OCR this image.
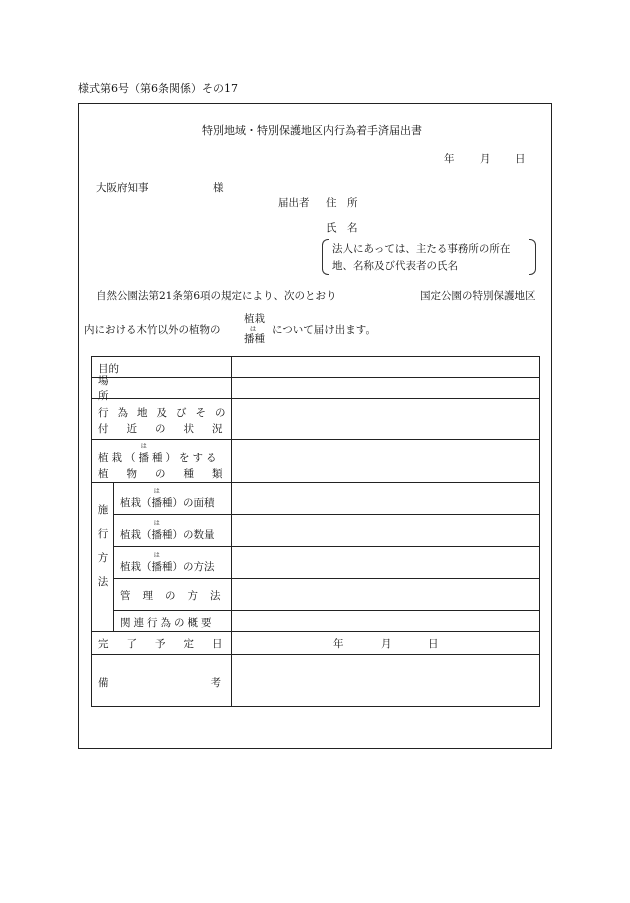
様式第6号（第6条関係）その17
特別地域・特別保護地区内行為着手済届出書
年 月 日
大阪府知事	様
届出者 住　所
氏　名
法人にあっては、主たる事務所の所在
地、名称及び代表者の氏名
自然公園法第21条第6項の規定により、次のとおり	国定公園の特別保護地区
内における木竹以外の植物の
植栽
は
播種
について届け出ます。
目的
場所
行為地及びその
付近の状況
植栽（
は
播種）をする
植物の種類
施行方法
植栽（
は
播種）の面積
植栽（
は
播種）の数量
植栽（
は
播種）の方法
管理の方法
関連行為の概要
完了予定日	年	月	日
備考
